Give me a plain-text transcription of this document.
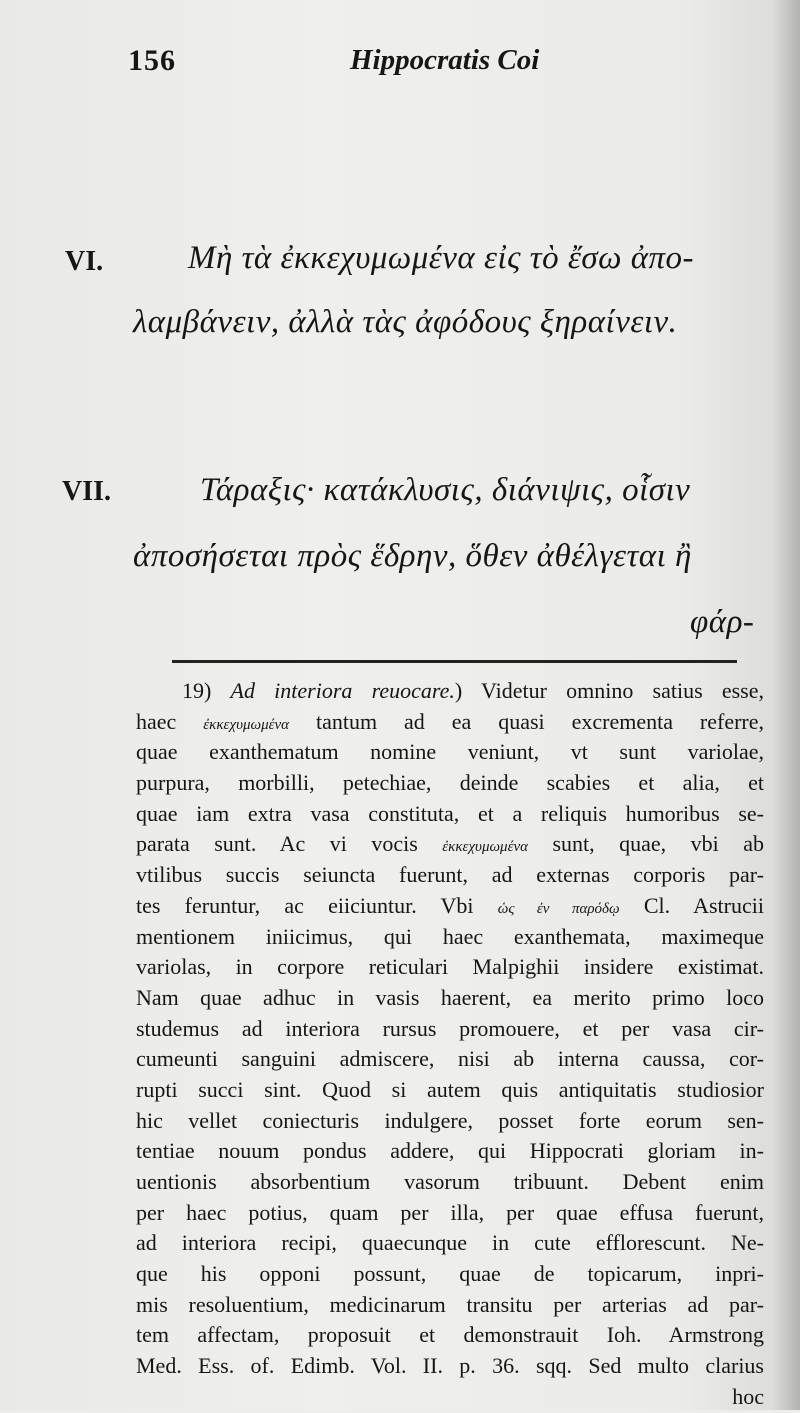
156	Hippocratis Coi
VI.	Μὴ τὰ ἐκκεχυμωμένα εἰς τὸ ἔσω ἀπο-
λαμβάνειν, ἀλλὰ τὰς ἀφόδους ξηραίνειν.
VII.	Τάραξις· κατάκλυσις, διάνιψις, οἷσιν
ἀποσήσεται πρὸς ἕδρην, ὅθεν ἀθέλγεται ἢ
φάρ-
19) Ad interiora reuocare.) Videtur omnino satius esse,
haec ἐκκεχυμωμένα tantum ad ea quasi excrementa referre,
quae exanthematum nomine veniunt, vt sunt variolae,
purpura, morbilli, petechiae, deinde scabies et alia, et
quae iam extra vasa constituta, et a reliquis humoribus se-
parata sunt. Ac vi vocis ἐκκεχυμωμένα sunt, quae, vbi ab
vtilibus succis seiuncta fuerunt, ad externas corporis par-
tes feruntur, ac eiiciuntur. Vbi ὡς ἐν παρόδῳ Cl. Astrucii
mentionem iniicimus, qui haec exanthemata, maximeque
variolas, in corpore reticulari Malpighii insidere existimat.
Nam quae adhuc in vasis haerent, ea merito primo loco
studemus ad interiora rursus promouere, et per vasa cir-
cumeunti sanguini admiscere, nisi ab interna caussa, cor-
rupti succi sint. Quod si autem quis antiquitatis studiosior
hic vellet coniecturis indulgere, posset forte eorum sen-
tentiae nouum pondus addere, qui Hippocrati gloriam in-
uentionis absorbentium vasorum tribuunt. Debent enim
per haec potius, quam per illa, per quae effusa fuerunt,
ad interiora recipi, quaecunque in cute efflorescunt. Ne-
que his opponi possunt, quae de topicarum, inpri-
mis resoluentium, medicinarum transitu per arterias ad par-
tem affectam, proposuit et demonstrauit Ioh. Armstrong
Med. Ess. of. Edimb. Vol. II. p. 36. sqq. Sed multo clarius
hoc
